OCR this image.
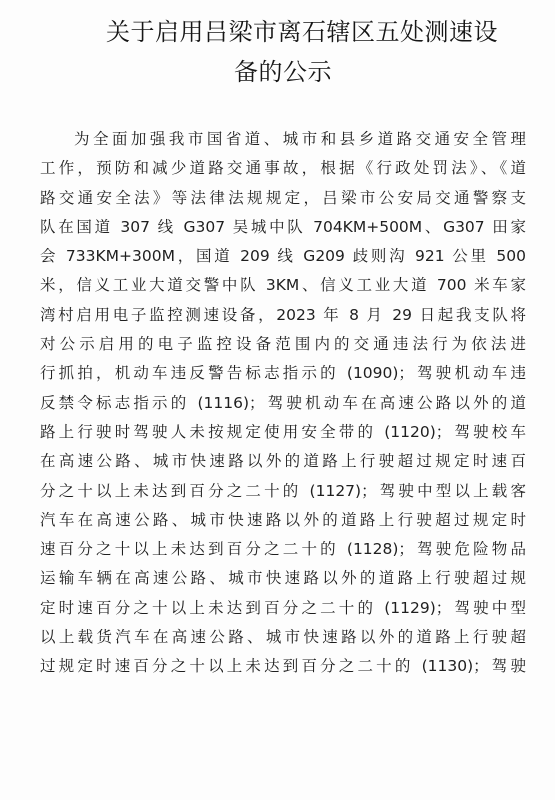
关于启用吕梁市离石辖区五处测速设
备的公示
为全面加强我市国省道、城市和县乡道路交通安全管理
工作，预防和减少道路交通事故，根据《行政处罚法》、《道
路交通安全法》等法律法规规定，吕梁市公安局交通警察支
队在国道 307 线 G307 吴城中队 704KM+500M、G307 田家
会 733KM+300M，国道 209 线 G209 歧则沟 921 公里 500
米，信义工业大道交警中队 3KM、信义工业大道 700 米车家
湾村启用电子监控测速设备，2023 年 8 月 29 日起我支队将
对公示启用的电子监控设备范围内的交通违法行为依法进
行抓拍，机动车违反警告标志指示的 (1090)；驾驶机动车违
反禁令标志指示的 (1116)；驾驶机动车在高速公路以外的道
路上行驶时驾驶人未按规定使用安全带的 (1120)；驾驶校车
在高速公路、城市快速路以外的道路上行驶超过规定时速百
分之十以上未达到百分之二十的 (1127)；驾驶中型以上载客
汽车在高速公路、城市快速路以外的道路上行驶超过规定时
速百分之十以上未达到百分之二十的 (1128)；驾驶危险物品
运输车辆在高速公路、城市快速路以外的道路上行驶超过规
定时速百分之十以上未达到百分之二十的 (1129)；驾驶中型
以上载货汽车在高速公路、城市快速路以外的道路上行驶超
过规定时速百分之十以上未达到百分之二十的 (1130)；驾驶
